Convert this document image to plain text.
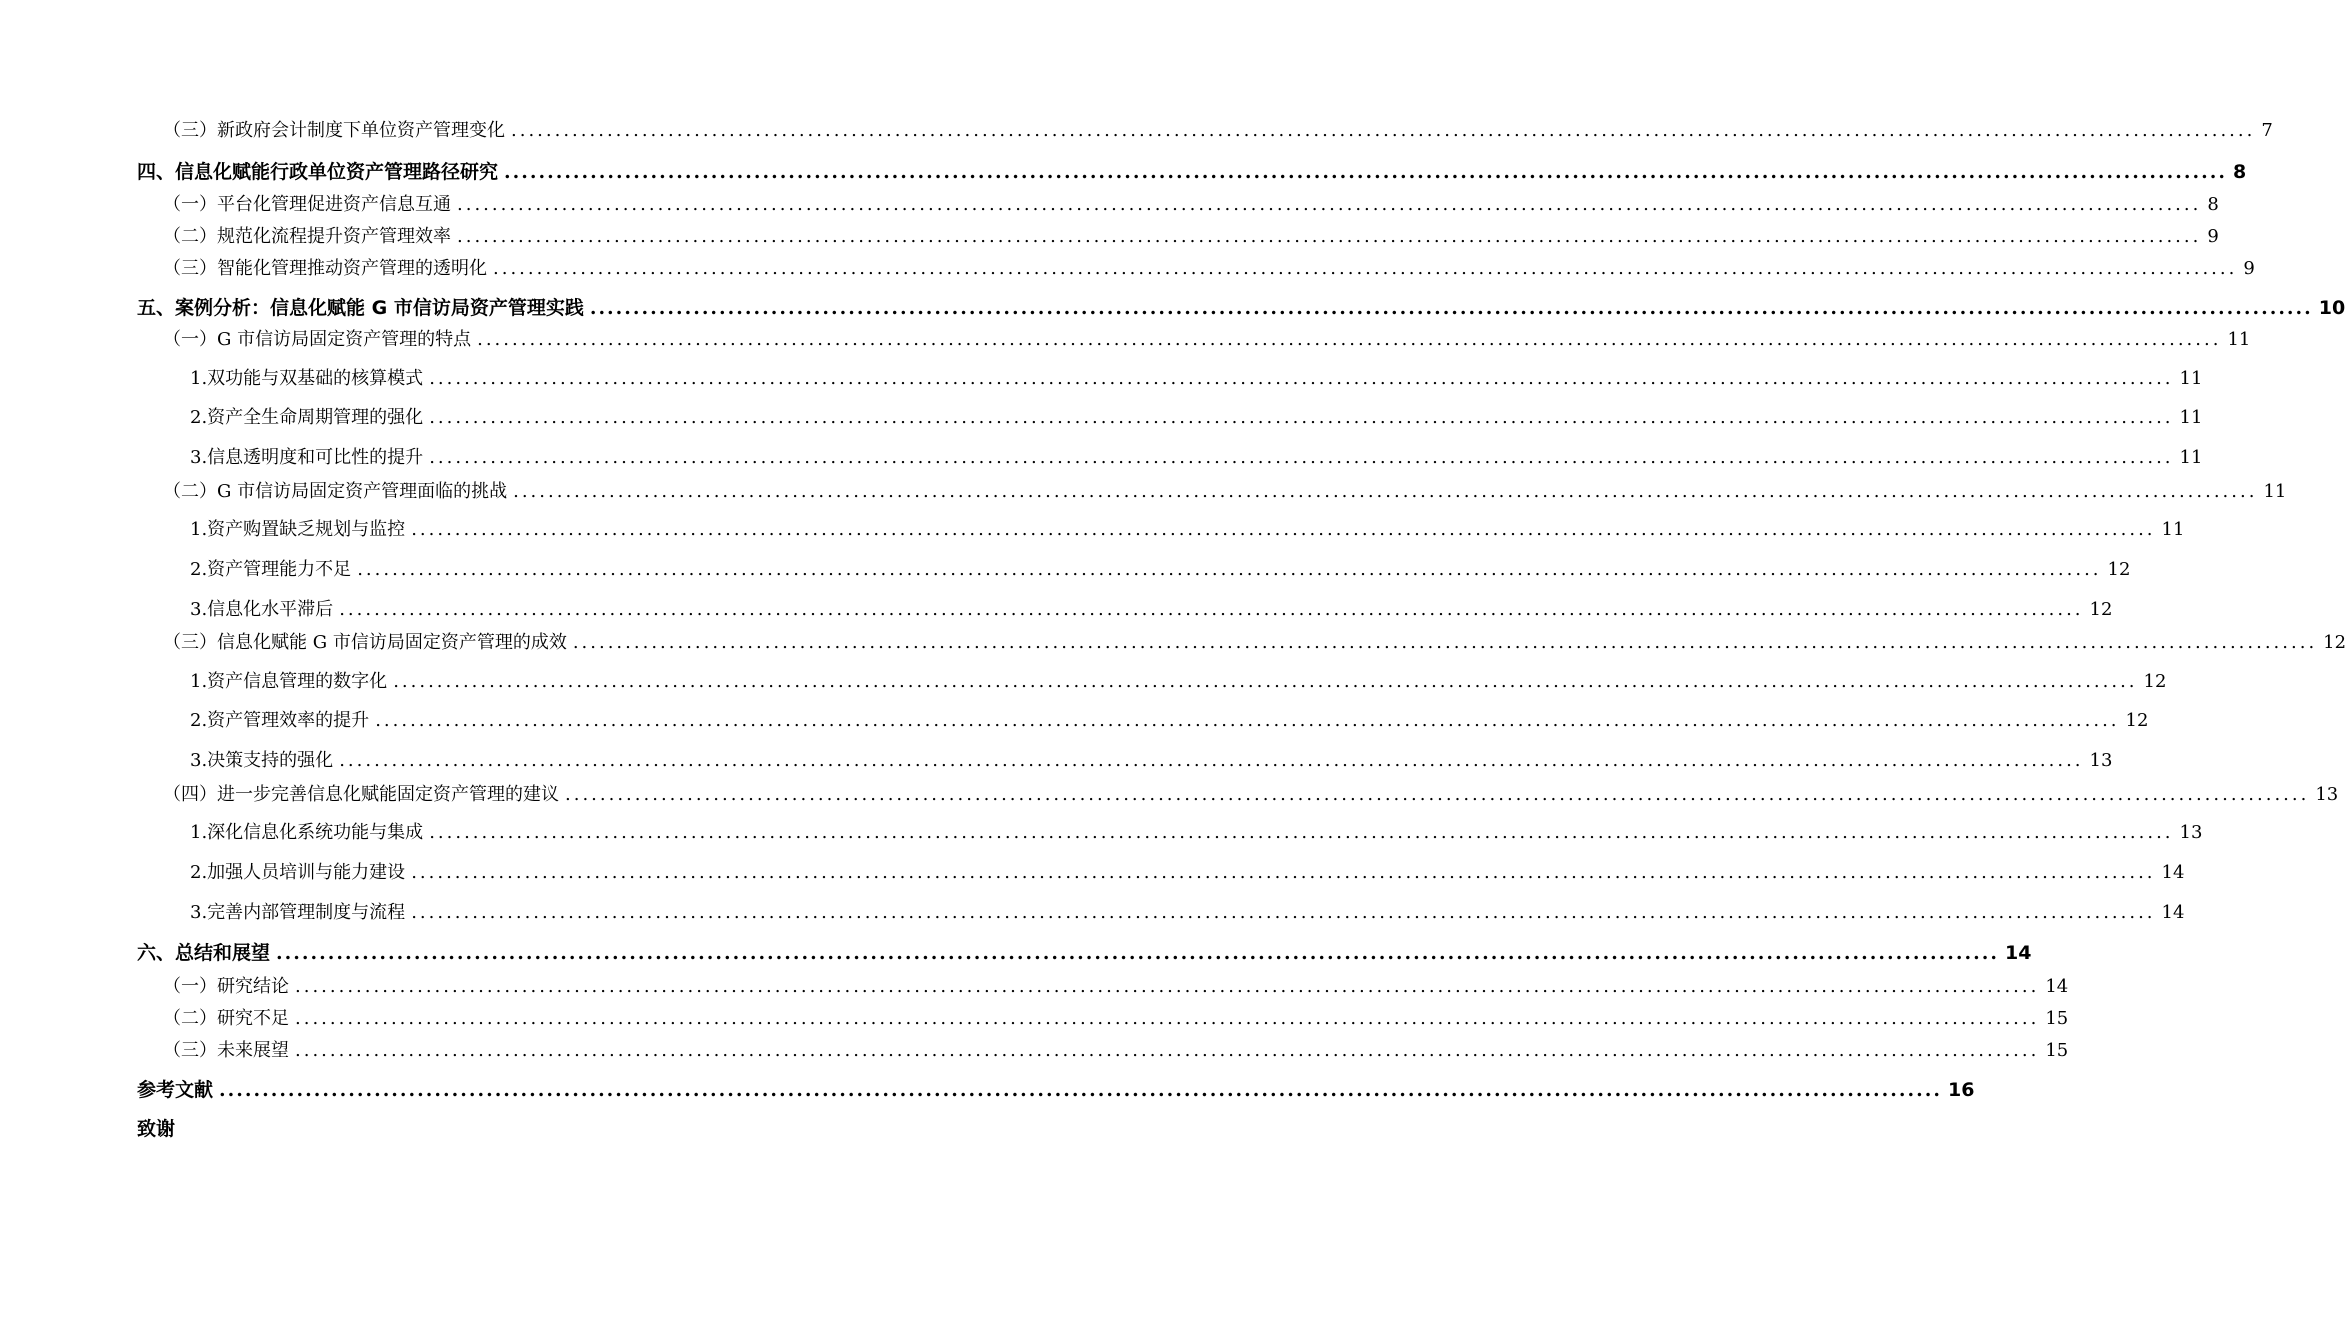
（三）新政府会计制度下单位资产管理变化 ........................................................................................................................................................................................................ 7
四、信息化赋能行政单位资产管理路径研究 ........................................................................................................................................................................................................ 8
（一）平台化管理促进资产信息互通 ........................................................................................................................................................................................................ 8
（二）规范化流程提升资产管理效率 ........................................................................................................................................................................................................ 9
（三）智能化管理推动资产管理的透明化 ........................................................................................................................................................................................................ 9
五、案例分析：信息化赋能 G 市信访局资产管理实践 ........................................................................................................................................................................................................ 10
（一）G 市信访局固定资产管理的特点 ........................................................................................................................................................................................................ 11
1.双功能与双基础的核算模式 ........................................................................................................................................................................................................ 11
2.资产全生命周期管理的强化 ........................................................................................................................................................................................................ 11
3.信息透明度和可比性的提升 ........................................................................................................................................................................................................ 11
（二）G 市信访局固定资产管理面临的挑战 ........................................................................................................................................................................................................ 11
1.资产购置缺乏规划与监控 ........................................................................................................................................................................................................ 11
2.资产管理能力不足 ........................................................................................................................................................................................................ 12
3.信息化水平滞后 ........................................................................................................................................................................................................ 12
（三）信息化赋能 G 市信访局固定资产管理的成效 ........................................................................................................................................................................................................ 12
1.资产信息管理的数字化 ........................................................................................................................................................................................................ 12
2.资产管理效率的提升 ........................................................................................................................................................................................................ 12
3.决策支持的强化 ........................................................................................................................................................................................................ 13
（四）进一步完善信息化赋能固定资产管理的建议 ........................................................................................................................................................................................................ 13
1.深化信息化系统功能与集成 ........................................................................................................................................................................................................ 13
2.加强人员培训与能力建设 ........................................................................................................................................................................................................ 14
3.完善内部管理制度与流程 ........................................................................................................................................................................................................ 14
六、总结和展望 ........................................................................................................................................................................................................ 14
（一）研究结论 ........................................................................................................................................................................................................ 14
（二）研究不足 ........................................................................................................................................................................................................ 15
（三）未来展望 ........................................................................................................................................................................................................ 15
参考文献 ........................................................................................................................................................................................................ 16
致谢
